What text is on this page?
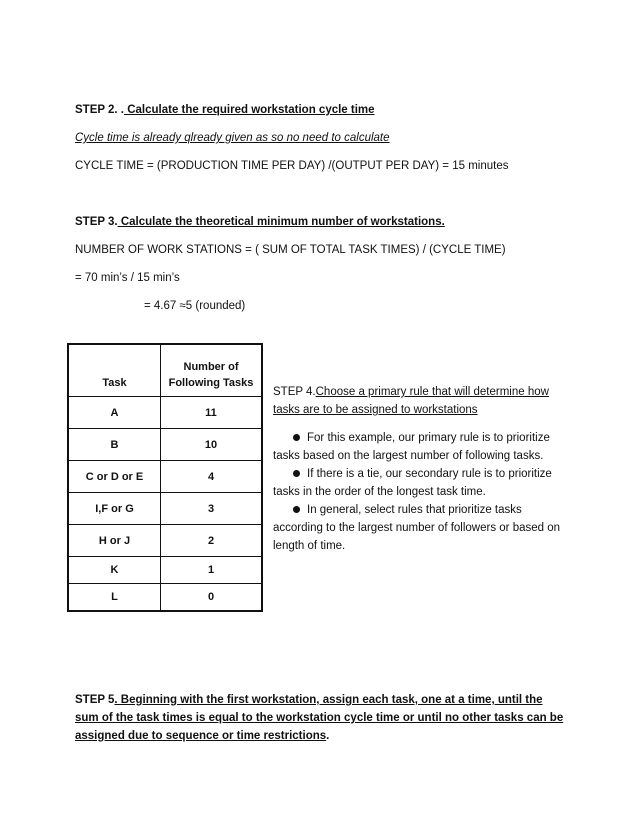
STEP 2. . Calculate the required workstation cycle time
Cycle time is already qlready given as so no need to calculate
CYCLE TIME = (PRODUCTION TIME PER DAY) /(OUTPUT PER DAY) = 15 minutes
STEP 3. Calculate the theoretical minimum number of workstations.
NUMBER OF WORK STATIONS = ( SUM OF TOTAL TASK TIMES) / (CYCLE TIME)
= 70 min’s / 15 min’s
= 4.67 ≈5 (rounded)
Task	Number of Following Tasks
A	11
B	10
C or D or E	4
I,F or G	3
H or J	2
K	1
L	0
STEP 4.Choose a primary rule that will determine how
tasks are to be assigned to workstations
For this example, our primary rule is to prioritize
tasks based on the largest number of following tasks.
If there is a tie, our secondary rule is to prioritize
tasks in the order of the longest task time.
In general, select rules that prioritize tasks
according to the largest number of followers or based on
length of time.
STEP 5. Beginning with the first workstation, assign each task, one at a time, until the sum of the task times is equal to the workstation cycle time or until no other tasks can be assigned due to sequence or time restrictions.
